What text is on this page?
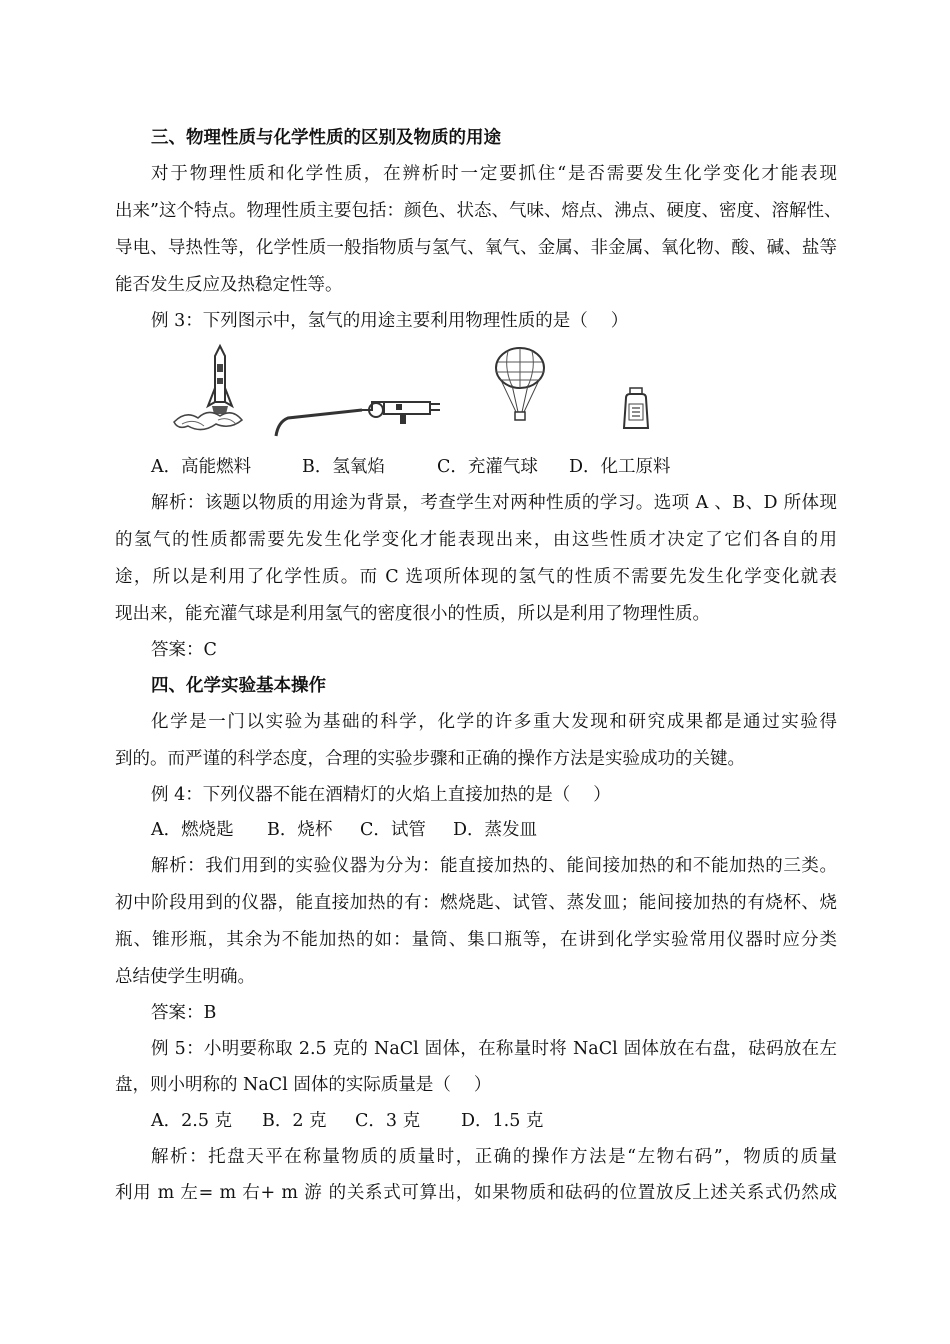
三、物理性质与化学性质的区别及物质的用途
对于物理性质和化学性质，在辨析时一定要抓住“是否需要发生化学变化才能表现
出来”这个特点。物理性质主要包括：颜色、状态、气味、熔点、沸点、硬度、密度、溶解性、
导电、导热性等，化学性质一般指物质与氢气、氧气、金属、非金属、氧化物、酸、碱、盐等
能否发生反应及热稳定性等。
例 3：下列图示中，氢气的用途主要利用物理性质的是（　 ）
A．高能燃料	B．氢氧焰	C．充灌气球 D．化工原料
解析：该题以物质的用途为背景，考查学生对两种性质的学习。选项 A 、B、D 所体现
的氢气的性质都需要先发生化学变化才能表现出来，由这些性质才决定了它们各自的用
途，所以是利用了化学性质。而 C 选项所体现的氢气的性质不需要先发生化学变化就表
现出来，能充灌气球是利用氢气的密度很小的性质，所以是利用了物理性质。
答案：C
四、化学实验基本操作
化学是一门以实验为基础的科学，化学的许多重大发现和研究成果都是通过实验得
到的。而严谨的科学态度，合理的实验步骤和正确的操作方法是实验成功的关键。
例 4：下列仪器不能在酒精灯的火焰上直接加热的是（　 ）
A．燃烧匙 B．烧杯 C．试管 D．蒸发皿
解析：我们用到的实验仪器为分为：能直接加热的、能间接加热的和不能加热的三类。
初中阶段用到的仪器，能直接加热的有：燃烧匙、试管、蒸发皿；能间接加热的有烧杯、烧
瓶、锥形瓶，其余为不能加热的如：量筒、集口瓶等，在讲到化学实验常用仪器时应分类
总结使学生明确。
答案：B
例 5：小明要称取 2.5 克的 NaCl 固体，在称量时将 NaCl 固体放在右盘，砝码放在左
盘，则小明称的 NaCl 固体的实际质量是（　 ）
A．2.5 克 B．2 克 C．3 克 D．1.5 克
解析：托盘天平在称量物质的质量时，正确的操作方法是“左物右码”，物质的质量
利用 m 左= m 右+ m 游 的关系式可算出，如果物质和砝码的位置放反上述关系式仍然成
